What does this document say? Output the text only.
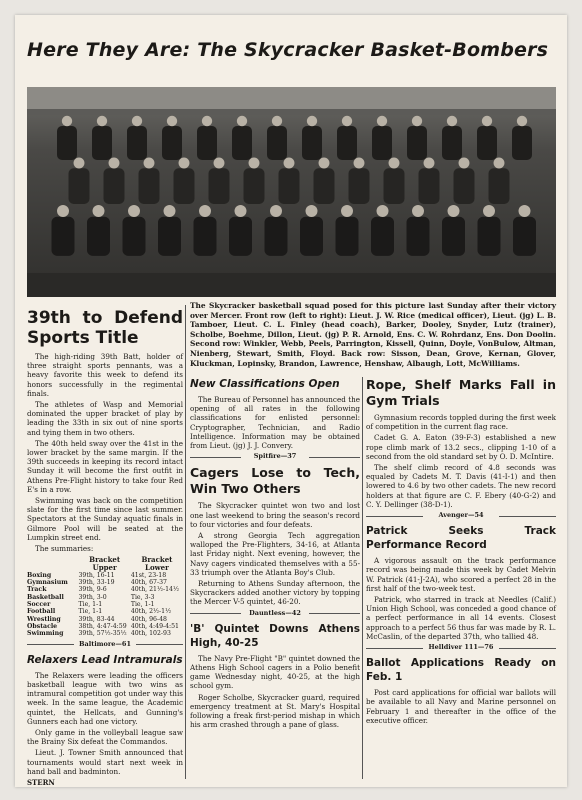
Here They Are: The Skycracker Basket-Bombers
The Skycracker basketball squad posed for this picture last Sunday after their victory over Mercer. Front row (left to right): Lieut. J. W. Rice (medical officer), Lieut. (jg) L. B. Tamboer, Lieut. C. L. Finley (head coach), Barker, Dooley, Snyder, Lutz (trainer), Scholbe, Boehme, Dillon, Lieut. (jg) P. R. Arnold, Ens. C. W. Rohrdanz, Ens. Don Doolin. Second row: Winkler, Webb, Peels, Parrington, Kissell, Quinn, Doyle, VonBulow, Altman, Nienberg, Stewart, Smith, Floyd. Back row: Sisson, Dean, Grove, Kernan, Glover, Kluckman, Lopinsky, Brandon, Lawrence, Henshaw, Albaugh, Lott, McWilliams.
39th to Defend Sports Title

The high-riding 39th Batt, holder of three straight sports pennants, was a heavy favorite this week to defend its honors successfully in the regimental finals.

The athletes of Wasp and Memorial dominated the upper bracket of play by leading the 33th in six out of nine sports and tying them in two others.

The 40th held sway over the 41st in the lower bracket by the same margin. If the 39th succeeds in keeping its record intact Sunday it will become the first outfit in Athens Pre-Flight history to take four Red E's in a row.

Swimming was back on the competition slate for the first time since last summer. Spectators at the Sunday aquatic finals in Gilmore Pool will be seated at the Lumpkin street end.

The summaries:

	Bracket Upper	Bracket Lower
Boxing	39th, 16-11	41st, 23-18
Gymnasium	39th, 33-19	40th, 67-37
Track	39th, 9-6	40th, 21½-14½
Basketball	39th, 3-0	Tie, 3-3
Soccer	Tie, 1-1	Tie, 1-1
Football	Tie, 1-1	40th, 2½-1½
Wrestling	39th, 83-44	40th, 96-48
Obstacle	38th, 4:47-4:59	40th, 4:49-4:51
Swimming	39th, 57½-35½	40th, 102-93
Baltimore—61
Relaxers Lead Intramurals

The Relaxers were leading the officers basketball league with two wins as intramural competition got under way this week. In the same league, the Academic quintet, the Hellcats, and Gunning's Gunners each had one victory.

Only game in the volleyball league saw the Brainy Six defeat the Commandos.

Lieut. J. Towner Smith announced that tournaments would start next week in hand ball and badminton.

STERN
New Classifications Open

The Bureau of Personnel has announced the opening of all rates in the following classifications for enlisted personnel: Cryptographer, Technician, and Radio Intelligence. Information may be obtained from Lieut. (jg) J. J. Convery.

Spitfire—37
Cagers Lose to Tech, Win Two Others

The Skycracker quintet won two and lost one last weekend to bring the season's record to four victories and four defeats.

A strong Georgia Tech aggregation walloped the Pre-Flighters, 34-16, at Atlanta last Friday night. Next evening, however, the Navy cagers vindicated themselves with a 55-33 triumph over the Atlanta Boy's Club.

Returning to Athens Sunday afternoon, the Skycrackers added another victory by topping the Mercer V-5 quintet, 46-20.

Dauntless—42
'B' Quintet Downs Athens High, 40-25

The Navy Pre-Flight "B" quintet downed the Athens High School cagers in a Polio benefit game Wednesday night, 40-25, at the high school gym.

Roger Scholbe, Skycracker guard, required emergency treatment at St. Mary's Hospital following a freak first-period mishap in which his arm crashed through a pane of glass.

Rope, Shelf Marks Fall in Gym Trials

Gymnasium records toppled during the first week of competition in the current flag race.

Cadet G. A. Eaton (39-F-3) established a new rope climb mark of 13.2 secs., clipping 1-10 of a second from the old standard set by O. D. McIntire.

The shelf climb record of 4.8 seconds was equaled by Cadets M. T. Davis (41-I-1) and then lowered to 4.6 by two other cadets. The new record holders at that figure are C. F. Ebery (40-G-2) and C. Y. Dellinger (38-D-1).

Avenger—54
Patrick Seeks Track Performance Record

A vigorous assault on the track performance record was being made this week by Cadet Melvin W. Patrick (41-J-2A), who scored a perfect 28 in the first half of the two-week test.

Patrick, who starred in track at Needles (Calif.) Union High School, was conceded a good chance of a perfect performance in all 14 events. Closest approach to a perfect 56 thus far was made by R. L. McCaslin, of the departed 37th, who tallied 48.

Helldiver 111—76
Ballot Applications Ready on Feb. 1

Post card applications for official war ballots will be available to all Navy and Marine personnel on February 1 and thereafter in the office of the executive officer.
